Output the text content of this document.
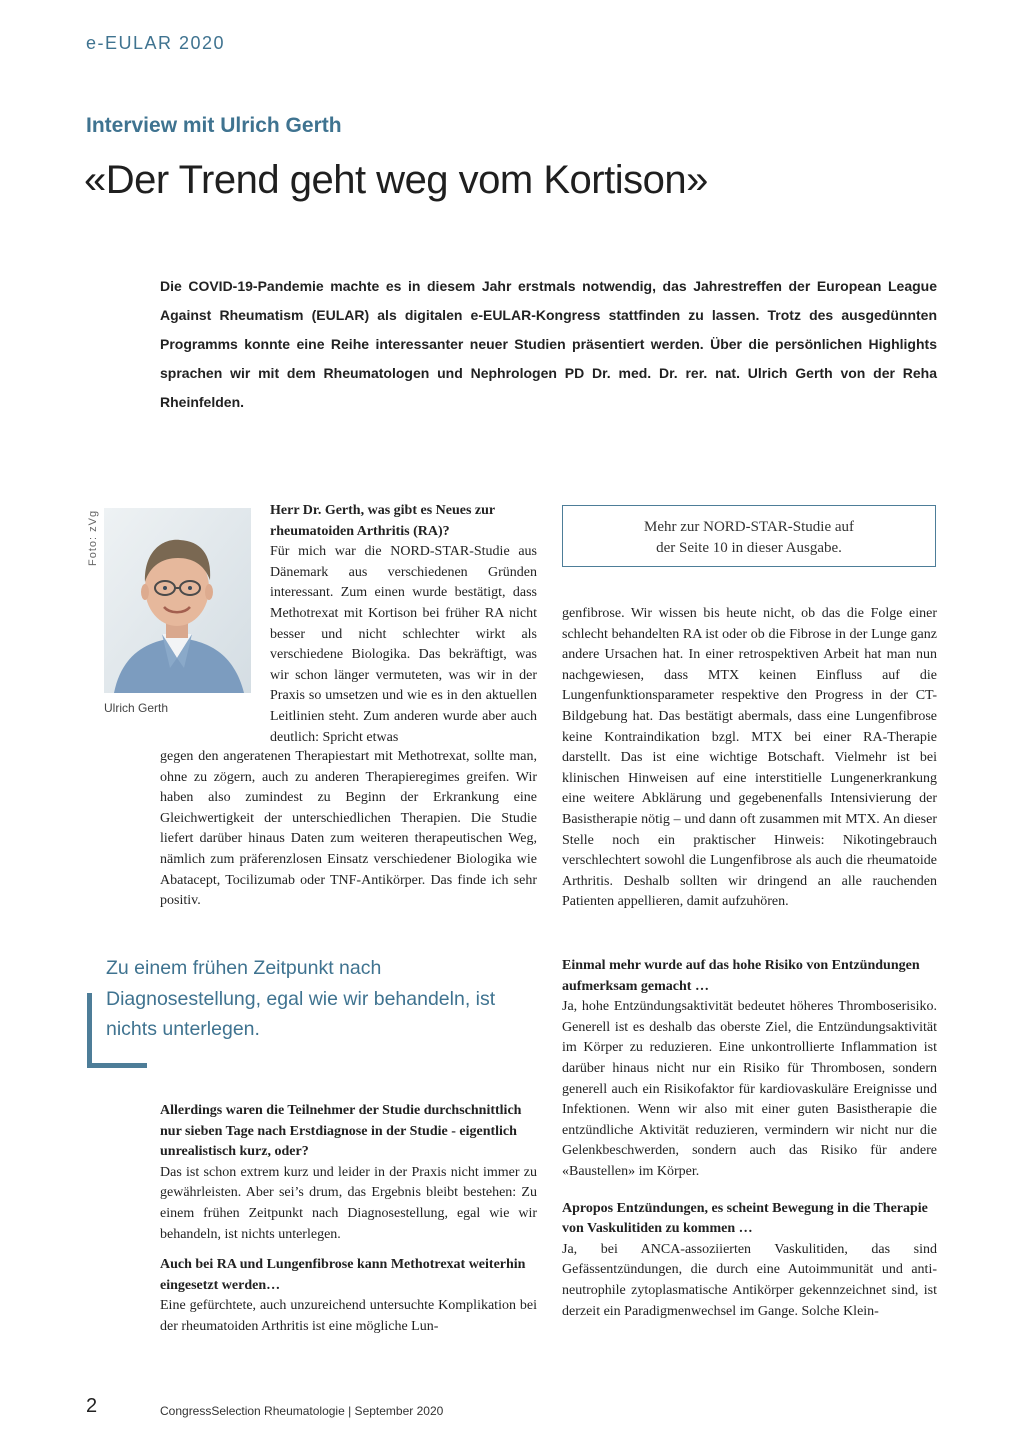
e-EULAR 2020
Interview mit Ulrich Gerth
«Der Trend geht weg vom Kortison»
Die COVID-19-Pandemie machte es in diesem Jahr erstmals notwendig, das Jahrestreffen der European League Against Rheumatism (EULAR) als digitalen e-EULAR-Kongress stattfinden zu lassen. Trotz des ausgedünnten Programms konnte eine Reihe interessanter neuer Studien präsentiert werden. Über die persönlichen Highlights sprachen wir mit dem Rheumatologen und Nephrologen PD Dr. med. Dr. rer. nat. Ulrich Gerth von der Reha Rheinfelden.
Foto: zVg
Ulrich Gerth

Herr Dr. Gerth, was gibt es Neues zur rheumatoiden Arthritis (RA)?

Für mich war die NORD-STAR-Studie aus Dänemark aus verschiedenen Gründen interessant. Zum einen wurde bestätigt, dass Methotrexat mit Kortison bei früher RA nicht besser und nicht schlechter wirkt als verschiedene Biologika. Das bekräftigt, was wir schon länger vermuteten, was wir in der Praxis so umsetzen und wie es in den aktuellen Leitlinien steht. Zum anderen wurde aber auch deutlich: Spricht etwas

gegen den angeratenen Therapiestart mit Methotrexat, sollte man, ohne zu zögern, auch zu anderen Therapieregimes greifen. Wir haben also zumindest zu Beginn der Erkrankung eine Gleichwertigkeit der unterschiedlichen Therapien. Die Studie liefert darüber hinaus Daten zum weiteren therapeutischen Weg, nämlich zum präferenzlosen Einsatz verschiedener Biologika wie Abatacept, Tocilizumab oder TNF-Antikörper. Das finde ich sehr positiv.

Mehr zur NORD-STAR-Studie auf
der Seite 10 in dieser Ausgabe.

genfibrose. Wir wissen bis heute nicht, ob das die Folge einer schlecht behandelten RA ist oder ob die Fibrose in der Lunge ganz andere Ursachen hat. In einer retrospektiven Arbeit hat man nun nachgewiesen, dass MTX keinen Einfluss auf die Lungenfunktionsparameter respektive den Progress in der CT-Bildgebung hat. Das bestätigt abermals, dass eine Lungenfibrose keine Kontraindikation bzgl. MTX bei einer RA-Therapie darstellt. Das ist eine wichtige Botschaft. Vielmehr ist bei klinischen Hinweisen auf eine interstitielle Lungenerkrankung eine weitere Abklärung und gegebenenfalls Intensivierung der Basistherapie nötig – und dann oft zusammen mit MTX. An dieser Stelle noch ein praktischer Hinweis: Nikotingebrauch verschlechtert sowohl die Lungenfibrose als auch die rheumatoide Arthritis. Deshalb sollten wir dringend an alle rauchenden Patienten appellieren, damit aufzuhören.

Zu einem frühen Zeitpunkt nach Diagnosestellung, egal wie wir behandeln, ist nichts unterlegen.

Allerdings waren die Teilnehmer der Studie durchschnittlich nur sieben Tage nach Erstdiagnose in der Studie - eigentlich unrealistisch kurz, oder?

Das ist schon extrem kurz und leider in der Praxis nicht immer zu gewährleisten. Aber sei’s drum, das Ergebnis bleibt bestehen: Zu einem frühen Zeitpunkt nach Diagnosestellung, egal wie wir behandeln, ist nichts unterlegen.

Auch bei RA und Lungenfibrose kann Methotrexat weiterhin eingesetzt werden…

Eine gefürchtete, auch unzureichend untersuchte Komplikation bei der rheumatoiden Arthritis ist eine mögliche Lun-

Einmal mehr wurde auf das hohe Risiko von Entzündungen aufmerksam gemacht …

Ja, hohe Entzündungsaktivität bedeutet höheres Thromboserisiko. Generell ist es deshalb das oberste Ziel, die Entzündungsaktivität im Körper zu reduzieren. Eine unkontrollierte Inflammation ist darüber hinaus nicht nur ein Risiko für Thrombosen, sondern generell auch ein Risikofaktor für kardiovaskuläre Ereignisse und Infektionen. Wenn wir also mit einer guten Basistherapie die entzündliche Aktivität reduzieren, vermindern wir nicht nur die Gelenkbeschwerden, sondern auch das Risiko für andere «Baustellen» im Körper.

Apropos Entzündungen, es scheint Bewegung in die Therapie von Vaskulitiden zu kommen …

Ja, bei ANCA-assoziierten Vaskulitiden, das sind Gefässentzündungen, die durch eine Autoimmunität und anti-neutrophile zytoplasmatische Antikörper gekennzeichnet sind, ist derzeit ein Paradigmenwechsel im Gange. Solche Klein-

2	CongressSelection Rheumatologie | September 2020
